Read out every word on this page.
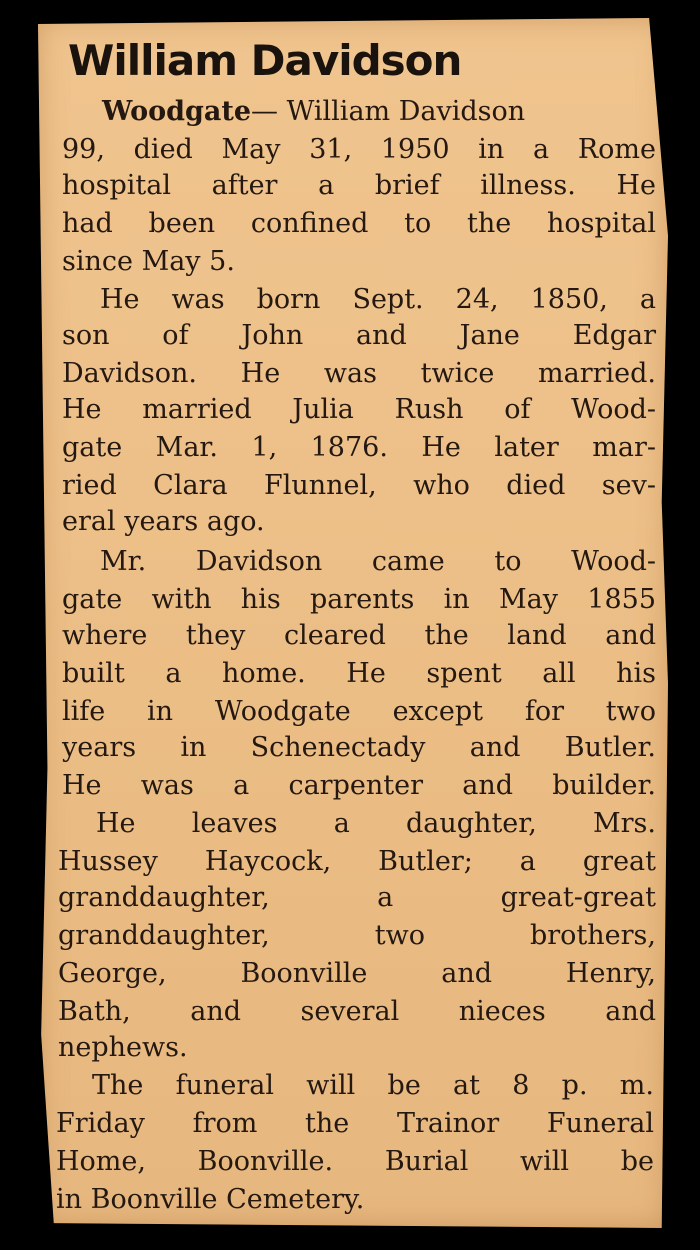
William Davidson
Woodgate— William Davidson
99, died May 31, 1950 in a Rome
hospital after a brief illness. He
had been confined to the hospital
since May 5.
He was born Sept. 24, 1850, a
son of John and Jane Edgar
Davidson. He was twice married.
He married Julia Rush of Wood-
gate Mar. 1, 1876. He later mar-
ried Clara Flunnel, who died sev-
eral years ago.
Mr. Davidson came to Wood-
gate with his parents in May 1855
where they cleared the land and
built a home. He spent all his
life in Woodgate except for two
years in Schenectady and Butler.
He was a carpenter and builder.
He leaves a daughter, Mrs.
Hussey Haycock, Butler; a great
granddaughter, a great-great
granddaughter, two brothers,
George, Boonville and Henry,
Bath, and several nieces and
nephews.
The funeral will be at 8 p. m.
Friday from the Trainor Funeral
Home, Boonville. Burial will be
in Boonville Cemetery.
